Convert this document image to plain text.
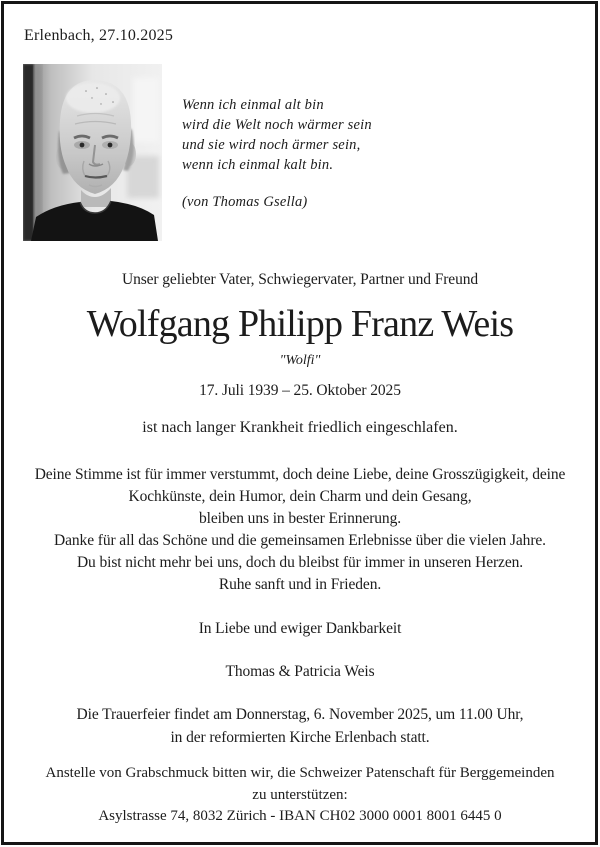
Erlenbach, 27.10.2025
Wenn ich einmal alt bin
wird die Welt noch wärmer sein
und sie wird noch ärmer sein,
wenn ich einmal kalt bin.
(von Thomas Gsella)
Unser geliebter Vater, Schwiegervater, Partner und Freund
Wolfgang Philipp Franz Weis
"Wolfi"
17. Juli 1939 – 25. Oktober 2025
ist nach langer Krankheit friedlich eingeschlafen.
Deine Stimme ist für immer verstummt, doch deine Liebe, deine Grosszügigkeit, deine
Kochkünste, dein Humor, dein Charm und dein Gesang,
bleiben uns in bester Erinnerung.
Danke für all das Schöne und die gemeinsamen Erlebnisse über die vielen Jahre.
Du bist nicht mehr bei uns, doch du bleibst für immer in unseren Herzen.
Ruhe sanft und in Frieden.
In Liebe und ewiger Dankbarkeit
Thomas & Patricia Weis
Die Trauerfeier findet am Donnerstag, 6. November 2025, um 11.00 Uhr,
in der reformierten Kirche Erlenbach statt.
Anstelle von Grabschmuck bitten wir, die Schweizer Patenschaft für Berggemeinden
zu unterstützen:
Asylstrasse 74, 8032 Zürich - IBAN CH02 3000 0001 8001 6445 0
